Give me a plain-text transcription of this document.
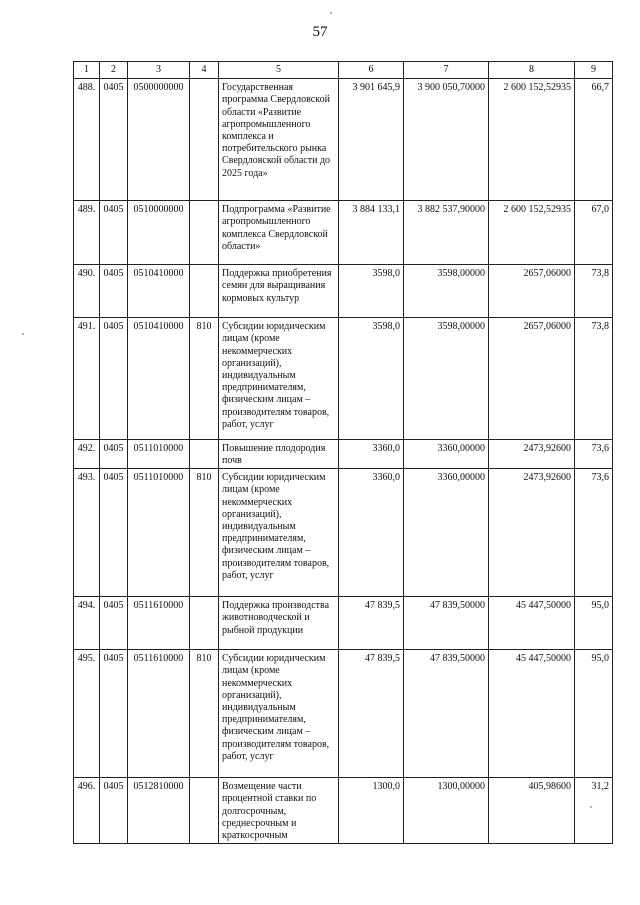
57
1	2	3	4	5	6	7	8	9
488.	0405	0500000000		Государственная программа Свердловской области «Развитие агропромышленного комплекса и потребительского рынка Свердловской области до 2025 года»	3 901 645,9	3 900 050,70000	2 600 152,52935	66,7
489.	0405	0510000000		Подпрограмма «Развитие агропромышленного комплекса Свердловской области»	3 884 133,1	3 882 537,90000	2 600 152,52935	67,0
490.	0405	0510410000		Поддержка приобретения семян для выращивания кормовых культур	3598,0	3598,00000	2657,06000	73,8
491.	0405	0510410000	810	Субсидии юридическим лицам (кроме некоммерческих организаций), индивидуальным предпринимателям, физическим лицам – производителям товаров, работ, услуг	3598,0	3598,00000	2657,06000	73,8
492.	0405	0511010000		Повышение плодородия почв	3360,0	3360,00000	2473,92600	73,6
493.	0405	0511010000	810	Субсидии юридическим лицам (кроме некоммерческих организаций), индивидуальным предпринимателям, физическим лицам – производителям товаров, работ, услуг	3360,0	3360,00000	2473,92600	73,6
494.	0405	0511610000		Поддержка производства животноводческой и рыбной продукции	47 839,5	47 839,50000	45 447,50000	95,0
495.	0405	0511610000	810	Субсидии юридическим лицам (кроме некоммерческих организаций), индивидуальным предпринимателям, физическим лицам – производителям товаров, работ, услуг	47 839,5	47 839,50000	45 447,50000	95,0
496.	0405	0512810000		Возмещение части процентной ставки по долгосрочным, среднесрочным и краткосрочным	1300,0	1300,00000	405,98600	31,2
